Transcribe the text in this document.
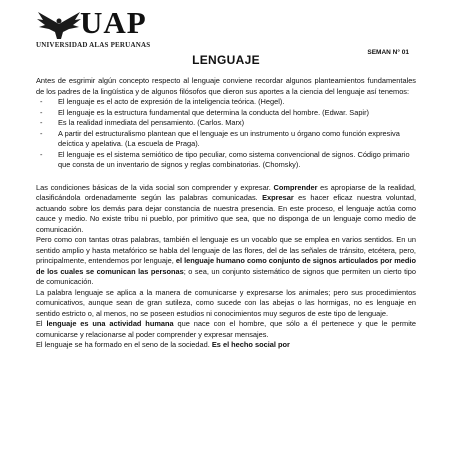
UAP
UNIVERSIDAD ALAS PERUANAS
SEMAN N° 01
LENGUAJE

Antes de esgrimir algún concepto respecto al lenguaje conviene recordar algunos planteamientos fundamentales de los padres de la lingüística y de algunos filósofos que dieron sus aportes a la ciencia del lenguaje así tenemos:

- El lenguaje es el acto de expresión de la inteligencia teórica. (Hegel).
- El lenguaje es la estructura fundamental que determina la conducta del hombre. (Edwar. Sapir)
- Es la realidad inmediata del pensamiento. (Carlos. Marx)
- A partir del estructuralismo plantean que el lenguaje es un instrumento u órgano como función expresiva deíctica y apelativa. (La escuela de Praga).
- El lenguaje es el sistema semiótico de tipo peculiar, como sistema convencional de signos. Código primario que consta de un inventario de signos y reglas combinatorias. (Chomsky).

Las condiciones básicas de la vida social son comprender y expresar. Comprender es apropiarse de la realidad, clasificándola ordenadamente según las palabras comunicadas. Expresar es hacer eficaz nuestra voluntad, actuando sobre los demás para dejar constancia de nuestra presencia. En este proceso, el lenguaje actúa como cauce y medio. No existe tribu ni pueblo, por primitivo que sea, que no disponga de un lenguaje como medio de comunicación.

Pero como con tantas otras palabras, también el lenguaje es un vocablo que se emplea en varios sentidos. En un sentido amplio y hasta metafórico se habla del lenguaje de las flores, del de las señales de tránsito, etcétera, pero, principalmente, entendemos por lenguaje, el lenguaje humano como conjunto de signos articulados por medio de los cuales se comunican las personas; o sea, un conjunto sistemático de signos que permiten un cierto tipo de comunicación.

La palabra lenguaje se aplica a la manera de comunicarse y expresarse los animales; pero sus procedimientos comunicativos, aunque sean de gran sutileza, como sucede con las abejas o las hormigas, no es lenguaje en sentido estricto o, al menos, no se poseen estudios ni conocimientos muy seguros de este tipo de lenguaje.

El lenguaje es una actividad humana que nace con el hombre, que sólo a él pertenece y que le permite comunicarse y relacionarse al poder comprender y expresar mensajes.

El lenguaje se ha formado en el seno de la sociedad. Es el hecho social por
